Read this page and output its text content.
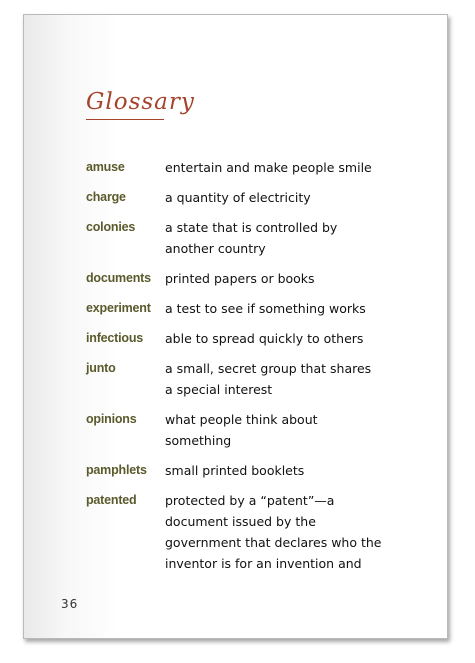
Glossary
amuse	entertain and make people smile
charge	a quantity of electricity
colonies	a state that is controlled by
another country
documents	printed papers or books
experiment	a test to see if something works
infectious	able to spread quickly to others
junto	a small, secret group that shares
a special interest
opinions	what people think about
something
pamphlets	small printed booklets
patented	protected by a “patent”—a
document issued by the
government that declares who the
inventor is for an invention and
36
